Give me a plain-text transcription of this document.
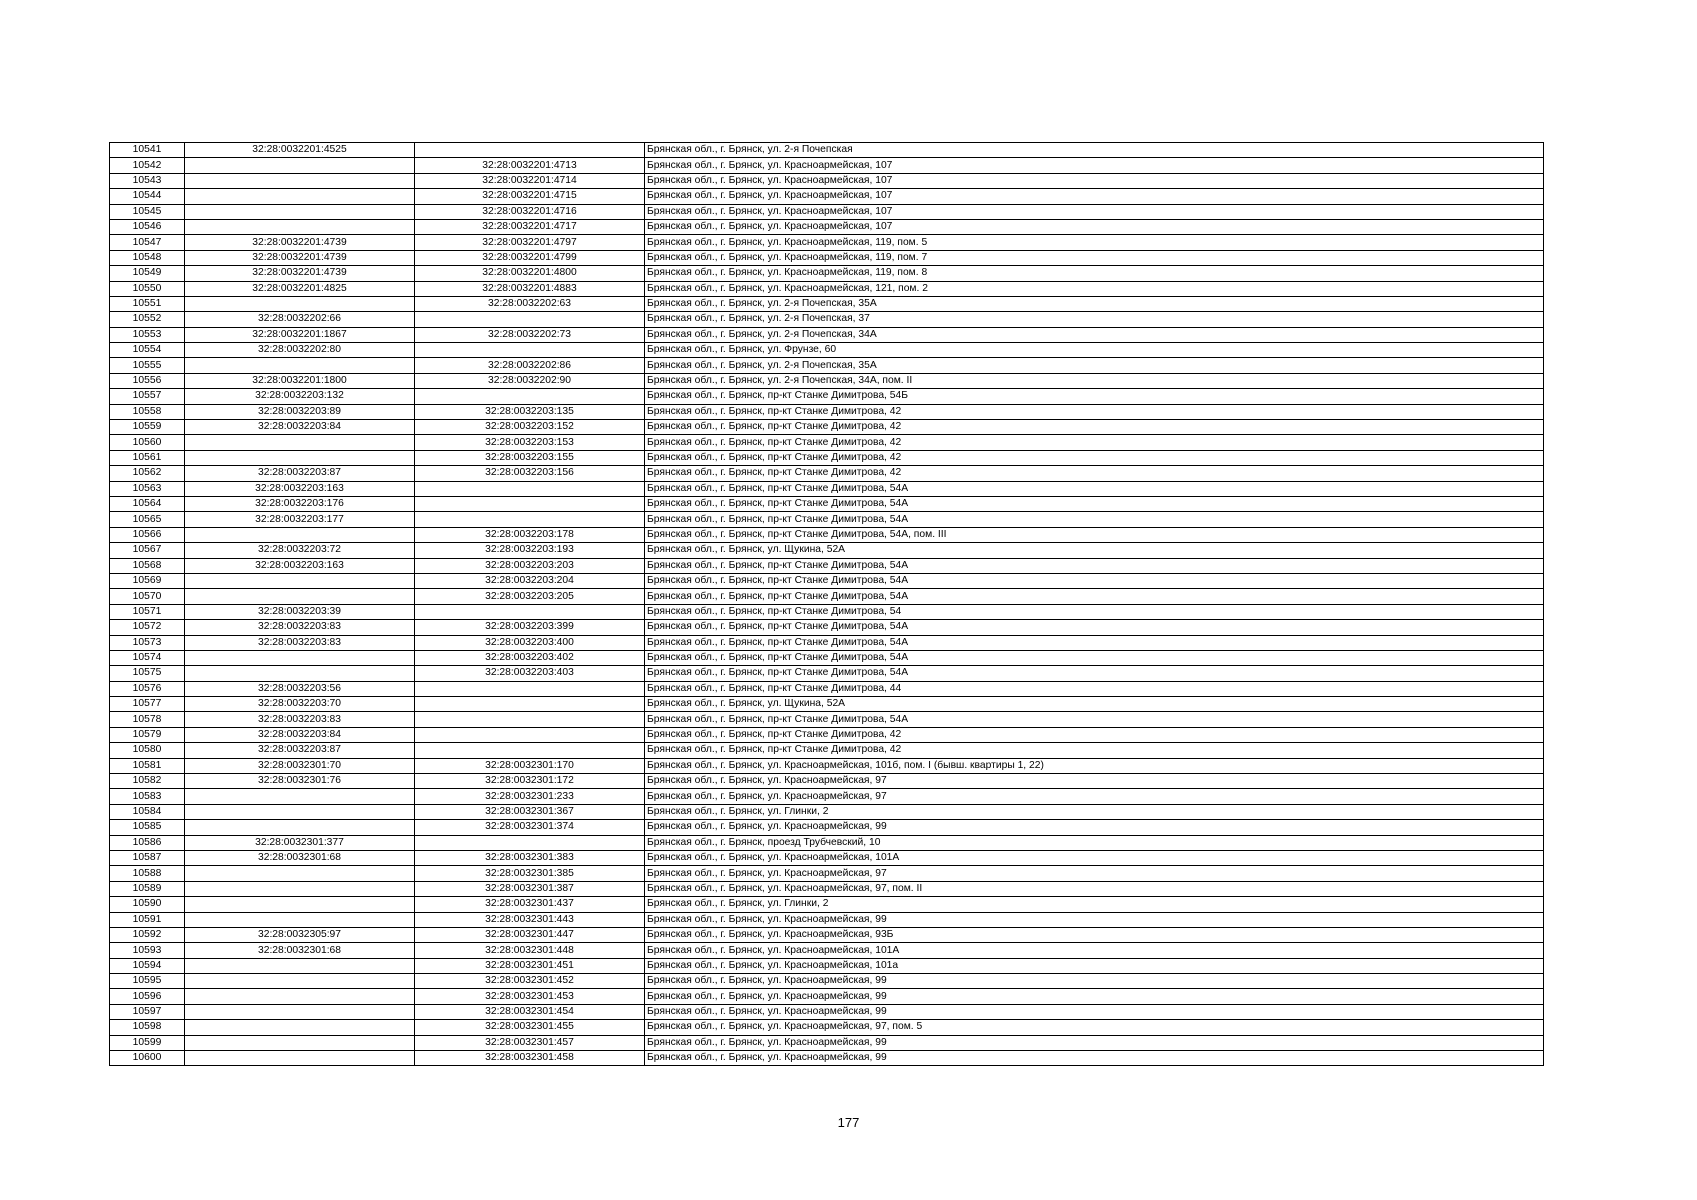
10541	32:28:0032201:4525		Брянская обл., г. Брянск, ул. 2-я Почепская
10542		32:28:0032201:4713	Брянская обл., г. Брянск, ул. Красноармейская, 107
10543		32:28:0032201:4714	Брянская обл., г. Брянск, ул. Красноармейская, 107
10544		32:28:0032201:4715	Брянская обл., г. Брянск, ул. Красноармейская, 107
10545		32:28:0032201:4716	Брянская обл., г. Брянск, ул. Красноармейская, 107
10546		32:28:0032201:4717	Брянская обл., г. Брянск, ул. Красноармейская, 107
10547	32:28:0032201:4739	32:28:0032201:4797	Брянская обл., г. Брянск, ул. Красноармейская, 119, пом. 5
10548	32:28:0032201:4739	32:28:0032201:4799	Брянская обл., г. Брянск, ул. Красноармейская, 119, пом. 7
10549	32:28:0032201:4739	32:28:0032201:4800	Брянская обл., г. Брянск, ул. Красноармейская, 119, пом. 8
10550	32:28:0032201:4825	32:28:0032201:4883	Брянская обл., г. Брянск, ул. Красноармейская, 121, пом. 2
10551		32:28:0032202:63	Брянская обл., г. Брянск, ул. 2-я Почепская, 35А
10552	32:28:0032202:66		Брянская обл., г. Брянск, ул. 2-я Почепская, 37
10553	32:28:0032201:1867	32:28:0032202:73	Брянская обл., г. Брянск, ул. 2-я Почепская, 34А
10554	32:28:0032202:80		Брянская обл., г. Брянск, ул. Фрунзе, 60
10555		32:28:0032202:86	Брянская обл., г. Брянск, ул. 2-я Почепская, 35А
10556	32:28:0032201:1800	32:28:0032202:90	Брянская обл., г. Брянск, ул. 2-я Почепская, 34А, пом. II
10557	32:28:0032203:132		Брянская обл., г. Брянск, пр-кт Станке Димитрова, 54Б
10558	32:28:0032203:89	32:28:0032203:135	Брянская обл., г. Брянск, пр-кт Станке Димитрова, 42
10559	32:28:0032203:84	32:28:0032203:152	Брянская обл., г. Брянск, пр-кт Станке Димитрова, 42
10560		32:28:0032203:153	Брянская обл., г. Брянск, пр-кт Станке Димитрова, 42
10561		32:28:0032203:155	Брянская обл., г. Брянск, пр-кт Станке Димитрова, 42
10562	32:28:0032203:87	32:28:0032203:156	Брянская обл., г. Брянск, пр-кт Станке Димитрова, 42
10563	32:28:0032203:163		Брянская обл., г. Брянск, пр-кт Станке Димитрова, 54А
10564	32:28:0032203:176		Брянская обл., г. Брянск, пр-кт Станке Димитрова, 54А
10565	32:28:0032203:177		Брянская обл., г. Брянск, пр-кт Станке Димитрова, 54А
10566		32:28:0032203:178	Брянская обл., г. Брянск, пр-кт Станке Димитрова, 54А, пом. III
10567	32:28:0032203:72	32:28:0032203:193	Брянская обл., г. Брянск, ул. Щукина, 52А
10568	32:28:0032203:163	32:28:0032203:203	Брянская обл., г. Брянск, пр-кт Станке Димитрова, 54А
10569		32:28:0032203:204	Брянская обл., г. Брянск, пр-кт Станке Димитрова, 54А
10570		32:28:0032203:205	Брянская обл., г. Брянск, пр-кт Станке Димитрова, 54А
10571	32:28:0032203:39		Брянская обл., г. Брянск, пр-кт Станке Димитрова, 54
10572	32:28:0032203:83	32:28:0032203:399	Брянская обл., г. Брянск, пр-кт Станке Димитрова, 54А
10573	32:28:0032203:83	32:28:0032203:400	Брянская обл., г. Брянск, пр-кт Станке Димитрова, 54А
10574		32:28:0032203:402	Брянская обл., г. Брянск, пр-кт Станке Димитрова, 54А
10575		32:28:0032203:403	Брянская обл., г. Брянск, пр-кт Станке Димитрова, 54А
10576	32:28:0032203:56		Брянская обл., г. Брянск, пр-кт Станке Димитрова, 44
10577	32:28:0032203:70		Брянская обл., г. Брянск, ул. Щукина, 52А
10578	32:28:0032203:83		Брянская обл., г. Брянск, пр-кт Станке Димитрова, 54А
10579	32:28:0032203:84		Брянская обл., г. Брянск, пр-кт Станке Димитрова, 42
10580	32:28:0032203:87		Брянская обл., г. Брянск, пр-кт Станке Димитрова, 42
10581	32:28:0032301:70	32:28:0032301:170	Брянская обл., г. Брянск, ул. Красноармейская, 101б, пом. I (бывш. квартиры 1, 22)
10582	32:28:0032301:76	32:28:0032301:172	Брянская обл., г. Брянск, ул. Красноармейская, 97
10583		32:28:0032301:233	Брянская обл., г. Брянск, ул. Красноармейская, 97
10584		32:28:0032301:367	Брянская обл., г. Брянск, ул. Глинки, 2
10585		32:28:0032301:374	Брянская обл., г. Брянск, ул. Красноармейская, 99
10586	32:28:0032301:377		Брянская обл., г. Брянск, проезд Трубчевский, 10
10587	32:28:0032301:68	32:28:0032301:383	Брянская обл., г. Брянск, ул. Красноармейская, 101А
10588		32:28:0032301:385	Брянская обл., г. Брянск, ул. Красноармейская, 97
10589		32:28:0032301:387	Брянская обл., г. Брянск, ул. Красноармейская, 97, пом. II
10590		32:28:0032301:437	Брянская обл., г. Брянск, ул. Глинки, 2
10591		32:28:0032301:443	Брянская обл., г. Брянск, ул. Красноармейская, 99
10592	32:28:0032305:97	32:28:0032301:447	Брянская обл., г. Брянск, ул. Красноармейская, 93Б
10593	32:28:0032301:68	32:28:0032301:448	Брянская обл., г. Брянск, ул. Красноармейская, 101А
10594		32:28:0032301:451	Брянская обл., г. Брянск, ул. Красноармейская, 101а
10595		32:28:0032301:452	Брянская обл., г. Брянск, ул. Красноармейская, 99
10596		32:28:0032301:453	Брянская обл., г. Брянск, ул. Красноармейская, 99
10597		32:28:0032301:454	Брянская обл., г. Брянск, ул. Красноармейская, 99
10598		32:28:0032301:455	Брянская обл., г. Брянск, ул. Красноармейская, 97, пом. 5
10599		32:28:0032301:457	Брянская обл., г. Брянск, ул. Красноармейская, 99
10600		32:28:0032301:458	Брянская обл., г. Брянск, ул. Красноармейская, 99
177
